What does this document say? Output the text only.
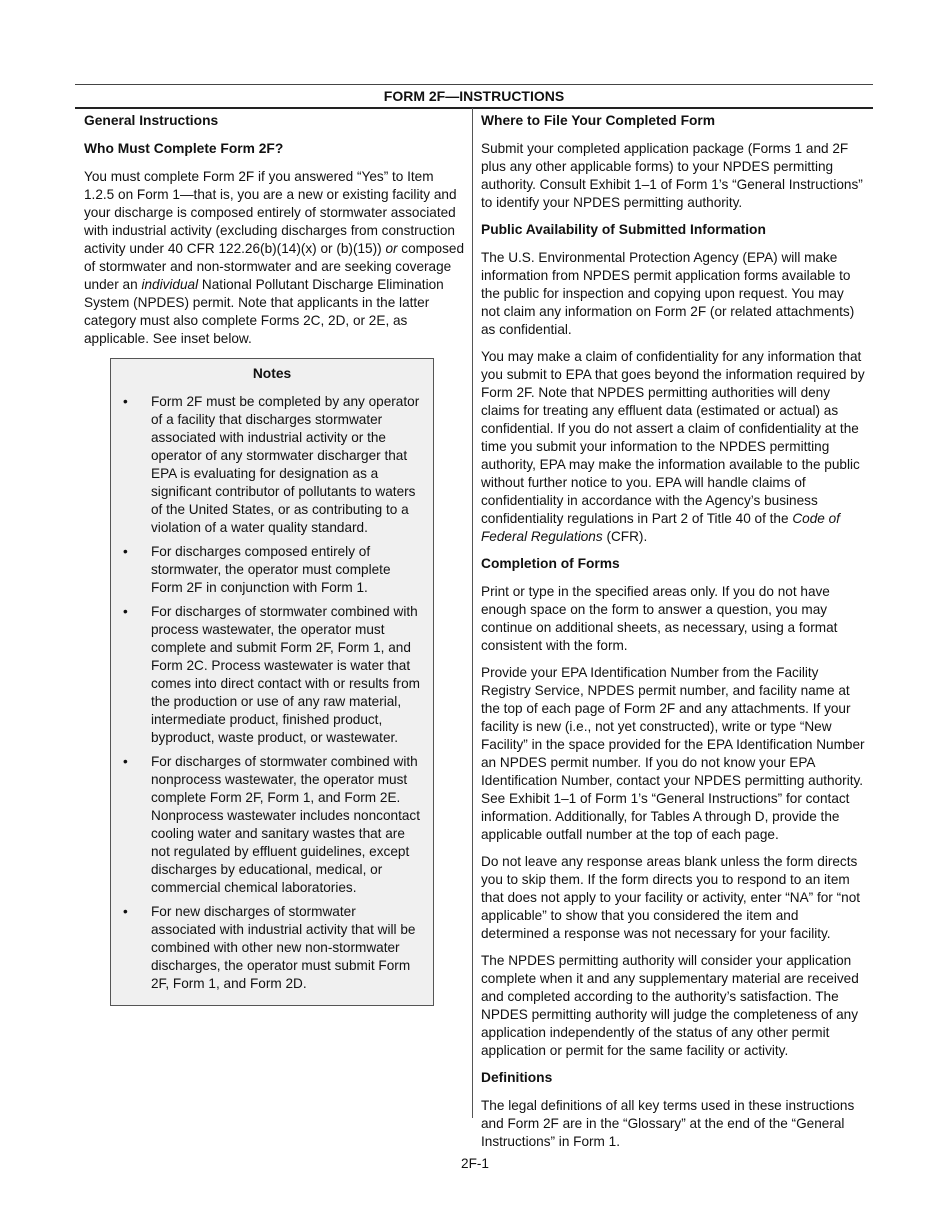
FORM 2F—INSTRUCTIONS
General Instructions
Who Must Complete Form 2F?

You must complete Form 2F if you answered “Yes” to Item 1.2.5 on Form 1—that is, you are a new or existing facility and your discharge is composed entirely of stormwater associated with industrial activity (excluding discharges from construction activity under 40 CFR 122.26(b)(14)(x) or (b)(15)) or composed of stormwater and non-stormwater and are seeking coverage under an individual National Pollutant Discharge Elimination System (NPDES) permit. Note that applicants in the latter category must also complete Forms 2C, 2D, or 2E, as applicable. See inset below.

Notes
• Form 2F must be completed by any operator of a facility that discharges stormwater associated with industrial activity or the operator of any stormwater discharger that EPA is evaluating for designation as a significant contributor of pollutants to waters of the United States, or as contributing to a violation of a water quality standard.
• For discharges composed entirely of stormwater, the operator must complete Form 2F in conjunction with Form 1.
• For discharges of stormwater combined with process wastewater, the operator must complete and submit Form 2F, Form 1, and Form 2C. Process wastewater is water that comes into direct contact with or results from the production or use of any raw material, intermediate product, finished product, byproduct, waste product, or wastewater.
• For discharges of stormwater combined with nonprocess wastewater, the operator must complete Form 2F, Form 1, and Form 2E. Nonprocess wastewater includes noncontact cooling water and sanitary wastes that are not regulated by effluent guidelines, except discharges by educational, medical, or commercial chemical laboratories.
• For new discharges of stormwater associated with industrial activity that will be combined with other new non-stormwater discharges, the operator must submit Form 2F, Form 1, and Form 2D.
Where to File Your Completed Form

Submit your completed application package (Forms 1 and 2F plus any other applicable forms) to your NPDES permitting authority. Consult Exhibit 1–1 of Form 1’s “General Instructions” to identify your NPDES permitting authority.

Public Availability of Submitted Information

The U.S. Environmental Protection Agency (EPA) will make information from NPDES permit application forms available to the public for inspection and copying upon request. You may not claim any information on Form 2F (or related attachments) as confidential.

You may make a claim of confidentiality for any information that you submit to EPA that goes beyond the information required by Form 2F. Note that NPDES permitting authorities will deny claims for treating any effluent data (estimated or actual) as confidential. If you do not assert a claim of confidentiality at the time you submit your information to the NPDES permitting authority, EPA may make the information available to the public without further notice to you. EPA will handle claims of confidentiality in accordance with the Agency’s business confidentiality regulations in Part 2 of Title 40 of the Code of Federal Regulations (CFR).

Completion of Forms

Print or type in the specified areas only. If you do not have enough space on the form to answer a question, you may continue on additional sheets, as necessary, using a format consistent with the form.

Provide your EPA Identification Number from the Facility Registry Service, NPDES permit number, and facility name at the top of each page of Form 2F and any attachments. If your facility is new (i.e., not yet constructed), write or type “New Facility” in the space provided for the EPA Identification Number an NPDES permit number. If you do not know your EPA Identification Number, contact your NPDES permitting authority. See Exhibit 1–1 of Form 1’s “General Instructions” for contact information. Additionally, for Tables A through D, provide the applicable outfall number at the top of each page.

Do not leave any response areas blank unless the form directs you to skip them. If the form directs you to respond to an item that does not apply to your facility or activity, enter “NA” for “not applicable” to show that you considered the item and determined a response was not necessary for your facility.

The NPDES permitting authority will consider your application complete when it and any supplementary material are received and completed according to the authority’s satisfaction. The NPDES permitting authority will judge the completeness of any application independently of the status of any other permit application or permit for the same facility or activity.

Definitions

The legal definitions of all key terms used in these instructions and Form 2F are in the “Glossary” at the end of the “General Instructions” in Form 1.

2F-1
